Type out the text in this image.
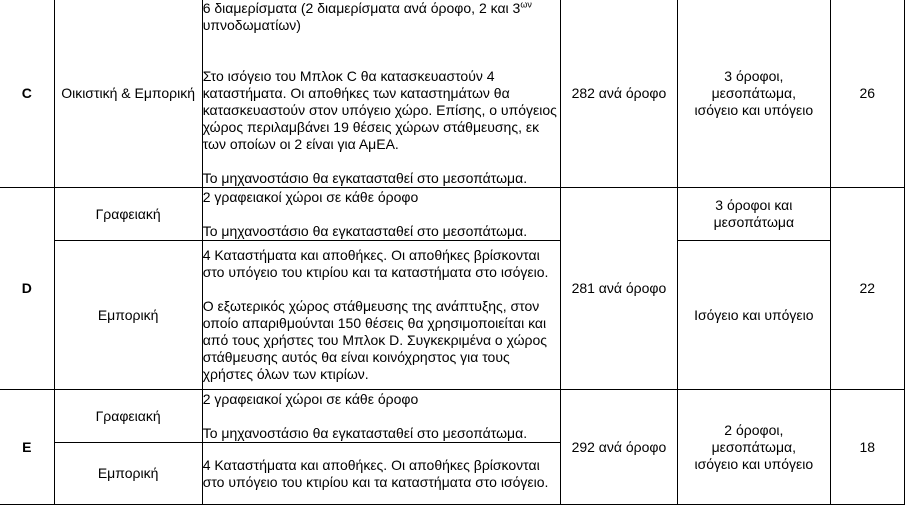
C	Οικιστική & Εμπορική	6 διαμερίσματα (2 διαμερίσματα ανά όροφο, 2 και $3^{\omega\nu}$ υπνοδωματίων)

Στο ισόγειο του Μπλοκ C θα κατασκευαστούν 4 καταστήματα. Οι αποθήκες των καταστημάτων θα κατασκευαστούν στον υπόγειο χώρο. Επίσης, ο υπόγειος χώρος περιλαμβάνει 19 θέσεις χώρων στάθμευσης, εκ των οποίων οι 2 είναι για ΑμΕΑ.

Το μηχανοστάσιο θα εγκατασταθεί στο μεσοπάτωμα.	282 ανά όροφο	3 όροφοι, μεσοπάτωμα, ισόγειο και υπόγειο	26
D	Γραφειακή	2 γραφειακοί χώροι σε κάθε όροφο

Το μηχανοστάσιο θα εγκατασταθεί στο μεσοπάτωμα.	281 ανά όροφο	3 όροφοι και μεσοπάτωμα	22
	Εμπορική	4 Καταστήματα και αποθήκες. Οι αποθήκες βρίσκονται στο υπόγειο του κτιρίου και τα καταστήματα στο ισόγειο.

Ο εξωτερικός χώρος στάθμευσης της ανάπτυξης, στον οποίο απαριθμούνται 150 θέσεις θα χρησιμοποιείται και από τους χρήστες του Μπλοκ D. Συγκεκριμένα ο χώρος στάθμευσης αυτός θα είναι κοινόχρηστος για τους χρήστες όλων των κτιρίων.		Ισόγειο και υπόγειο	
E	Γραφειακή	2 γραφειακοί χώροι σε κάθε όροφο

Το μηχανοστάσιο θα εγκατασταθεί στο μεσοπάτωμα.	292 ανά όροφο	2 όροφοι, μεσοπάτωμα, ισόγειο και υπόγειο	18
	Εμπορική	4 Καταστήματα και αποθήκες. Οι αποθήκες βρίσκονται στο υπόγειο του κτιρίου και τα καταστήματα στο ισόγειο.			
